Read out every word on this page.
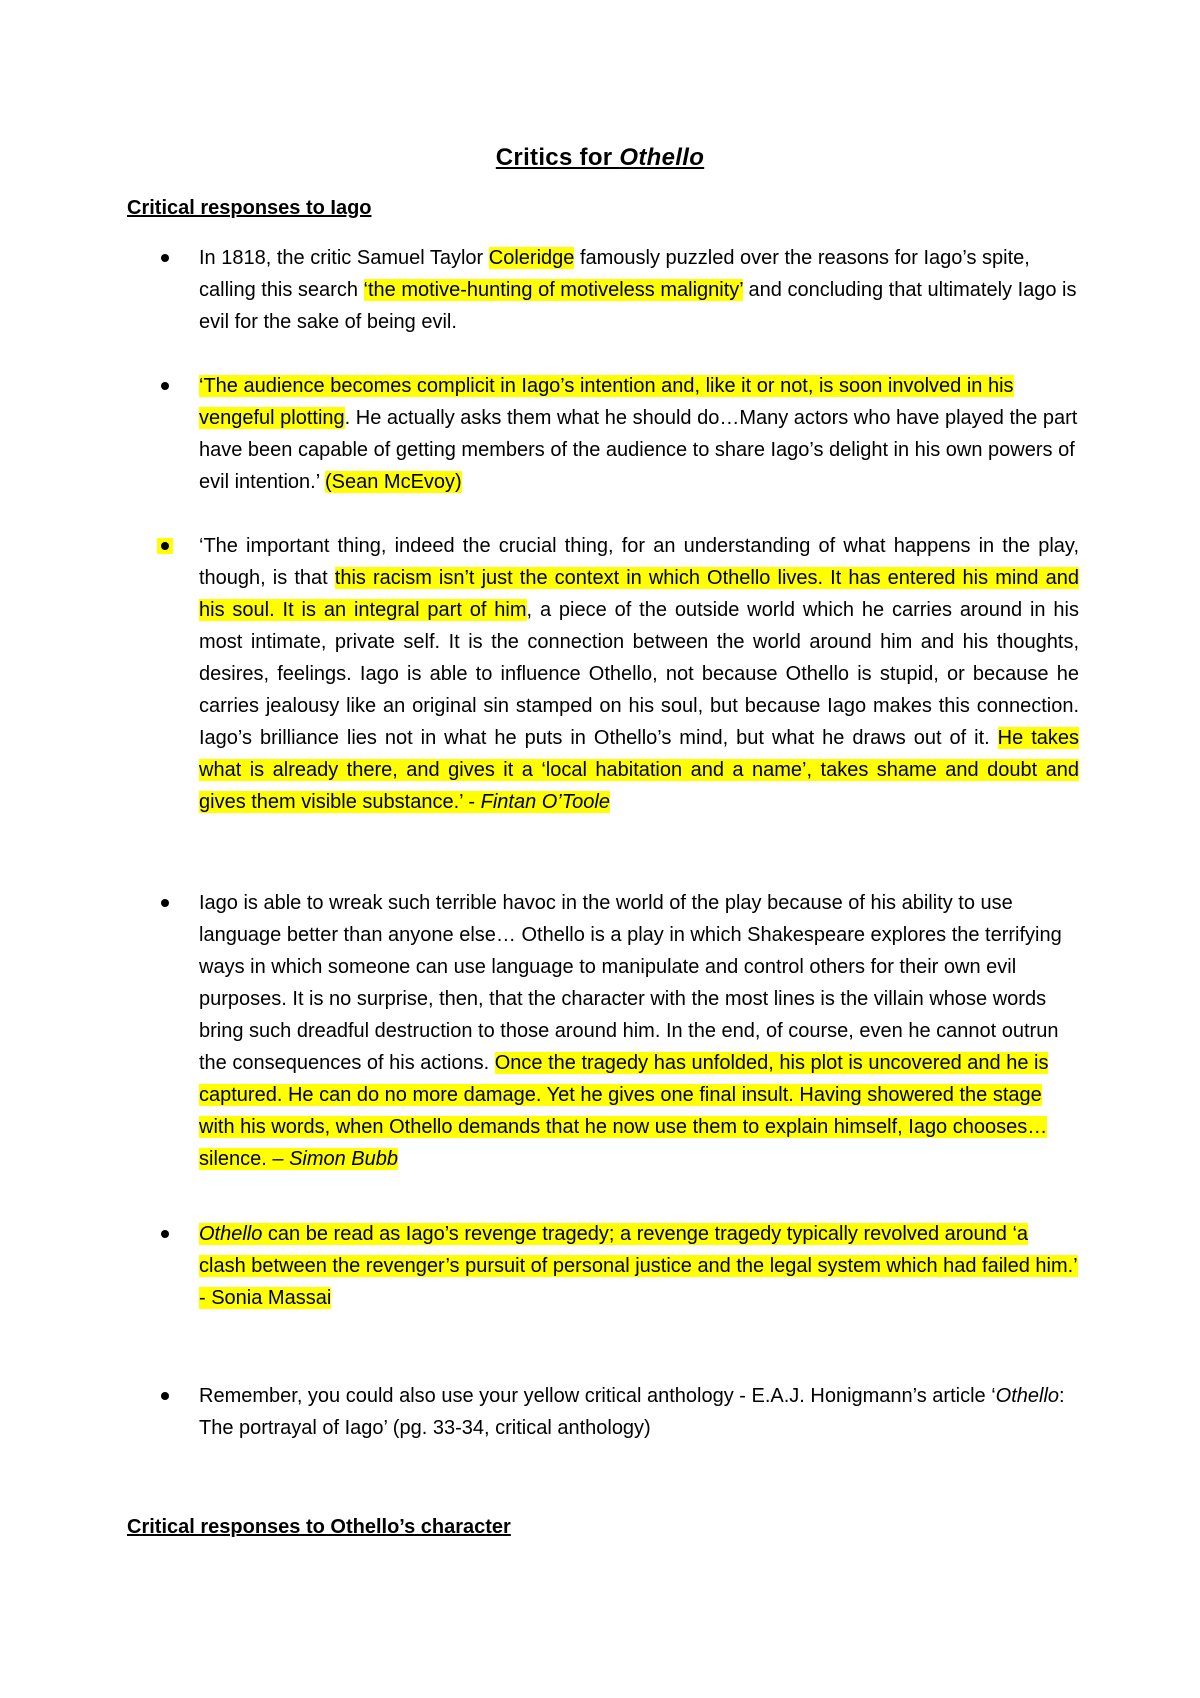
Critics for Othello
Critical responses to Iago
In 1818, the critic Samuel Taylor Coleridge famously puzzled over the reasons for Iago’s spite, calling this search ‘the motive-hunting of motiveless malignity’ and concluding that ultimately Iago is evil for the sake of being evil.
‘The audience becomes complicit in Iago’s intention and, like it or not, is soon involved in his vengeful plotting. He actually asks them what he should do…Many actors who have played the part have been capable of getting members of the audience to share Iago’s delight in his own powers of evil intention.’ (Sean McEvoy)
‘The important thing, indeed the crucial thing, for an understanding of what happens in the play, though, is that this racism isn’t just the context in which Othello lives. It has entered his mind and his soul. It is an integral part of him, a piece of the outside world which he carries around in his most intimate, private self. It is the connection between the world around him and his thoughts, desires, feelings. Iago is able to influence Othello, not because Othello is stupid, or because he carries jealousy like an original sin stamped on his soul, but because Iago makes this connection. Iago’s brilliance lies not in what he puts in Othello’s mind, but what he draws out of it. He takes what is already there, and gives it a ‘local habitation and a name’, takes shame and doubt and gives them visible substance.’ - Fintan O’Toole
Iago is able to wreak such terrible havoc in the world of the play because of his ability to use language better than anyone else… Othello is a play in which Shakespeare explores the terrifying ways in which someone can use language to manipulate and control others for their own evil purposes. It is no surprise, then, that the character with the most lines is the villain whose words bring such dreadful destruction to those around him. In the end, of course, even he cannot outrun the consequences of his actions. Once the tragedy has unfolded, his plot is uncovered and he is captured. He can do no more damage. Yet he gives one final insult. Having showered the stage with his words, when Othello demands that he now use them to explain himself, Iago chooses…silence. – Simon Bubb
Othello can be read as Iago’s revenge tragedy; a revenge tragedy typically revolved around ‘a clash between the revenger’s pursuit of personal justice and the legal system which had failed him.’ - Sonia Massai
Remember, you could also use your yellow critical anthology - E.A.J. Honigmann’s article ‘Othello: The portrayal of Iago’ (pg. 33-34, critical anthology)
Critical responses to Othello’s character
